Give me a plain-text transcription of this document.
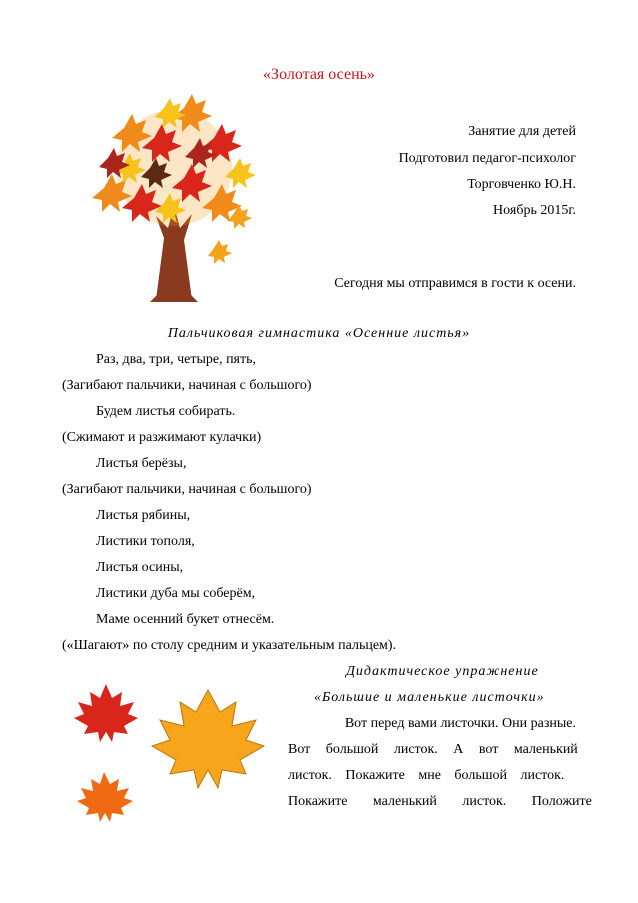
«Золотая осень»
Занятие для детей
Подготовил педагог-психолог
Торговченко Ю.Н.
Ноябрь 2015г.
Сегодня мы отправимся в гости к осени.
Пальчиковая гимнастика «Осенние листья»
Раз, два, три, четыре, пять,
(Загибают пальчики, начиная с большого)
Будем листья собирать.
(Сжимают и разжимают кулачки)
Листья берёзы,
(Загибают пальчики, начиная с большого)
Листья рябины,
Листики тополя,
Листья осины,
Листики дуба мы соберём,
Маме осенний букет отнесём.
(«Шагают» по столу средним и указательным пальцем).
Дидактическое упражнение
«Большие и маленькие листочки»
Вот перед вами листочки. Они разные.
Вот большой листок. А вот маленький
листок. Покажите мне большой листок.
Покажите маленький листок. Положите
